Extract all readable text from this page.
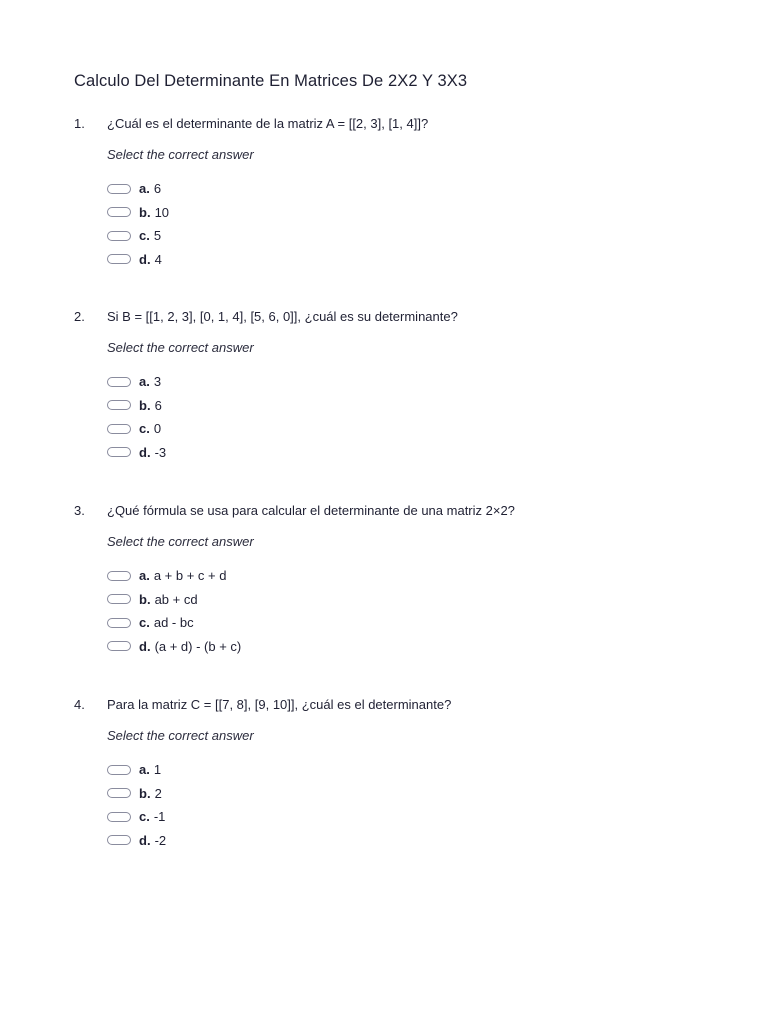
Calculo Del Determinante En Matrices De 2X2 Y 3X3
1.	¿Cuál es el determinante de la matriz A = [[2, 3], [1, 4]]?
Select the correct answer
a. 6
b. 10
c. 5
d. 4
2.	Si B = [[1, 2, 3], [0, 1, 4], [5, 6, 0]], ¿cuál es su determinante?
Select the correct answer
a. 3
b. 6
c. 0
d. -3
3.	¿Qué fórmula se usa para calcular el determinante de una matriz 2×2?
Select the correct answer
a. a + b + c + d
b. ab + cd
c. ad - bc
d. (a + d) - (b + c)
4.	Para la matriz C = [[7, 8], [9, 10]], ¿cuál es el determinante?
Select the correct answer
a. 1
b. 2
c. -1
d. -2
